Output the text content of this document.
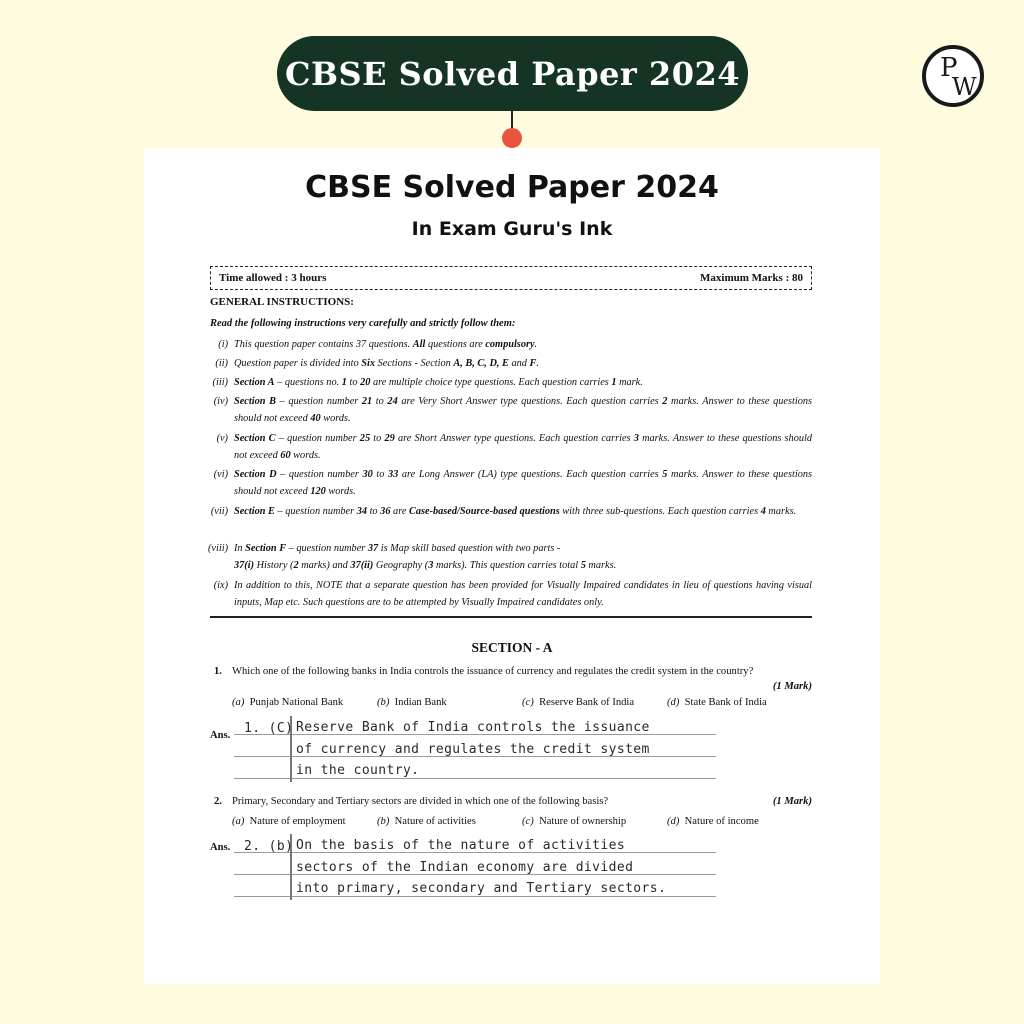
CBSE Solved Paper 2024	P
W
CBSE Solved Paper 2024
In Exam Guru's Ink
Time allowed : 3 hours	Maximum Marks : 80
GENERAL INSTRUCTIONS:
Read the following instructions very carefully and strictly follow them:
(i) This question paper contains 37 questions. All questions are compulsory.
(ii) Question paper is divided into Six Sections - Section A, B, C, D, E and F.
(iii) Section A – questions no. 1 to 20 are multiple choice type questions. Each question carries 1 mark.
(iv) Section B – question number 21 to 24 are Very Short Answer type questions. Each question carries 2 marks. Answer to these questions should not exceed 40 words.
(v) Section C – question number 25 to 29 are Short Answer type questions. Each question carries 3 marks. Answer to these questions should not exceed 60 words.
(vi) Section D – question number 30 to 33 are Long Answer (LA) type questions. Each question carries 5 marks. Answer to these questions should not exceed 120 words.
(vii) Section E – question number 34 to 36 are Case-based/Source-based questions with three sub-questions. Each question carries 4 marks.
(viii) In Section F – question number 37 is Map skill based question with two parts -
37(i) History (2 marks) and 37(ii) Geography (3 marks). This question carries total 5 marks.
(ix) In addition to this, NOTE that a separate question has been provided for Visually Impaired candidates in lieu of questions having visual inputs, Map etc. Such questions are to be attempted by Visually Impaired candidates only.
SECTION - A
1. Which one of the following banks in India controls the issuance of currency and regulates the credit system in the country?
(1 Mark)
(a) Punjab National Bank	(b) Indian Bank	(c) Reserve Bank of India	(d) State Bank of India
Ans. 1. (C) Reserve Bank of India controls the issuance
of currency and regulates the credit system
in the country.
2. Primary, Secondary and Tertiary sectors are divided in which one of the following basis?	(1 Mark)
(a) Nature of employment	(b) Nature of activities	(c) Nature of ownership	(d) Nature of income
Ans. 2. (b) On the basis of the nature of activities
sectors of the Indian economy are divided
into primary, secondary and Tertiary sectors.
